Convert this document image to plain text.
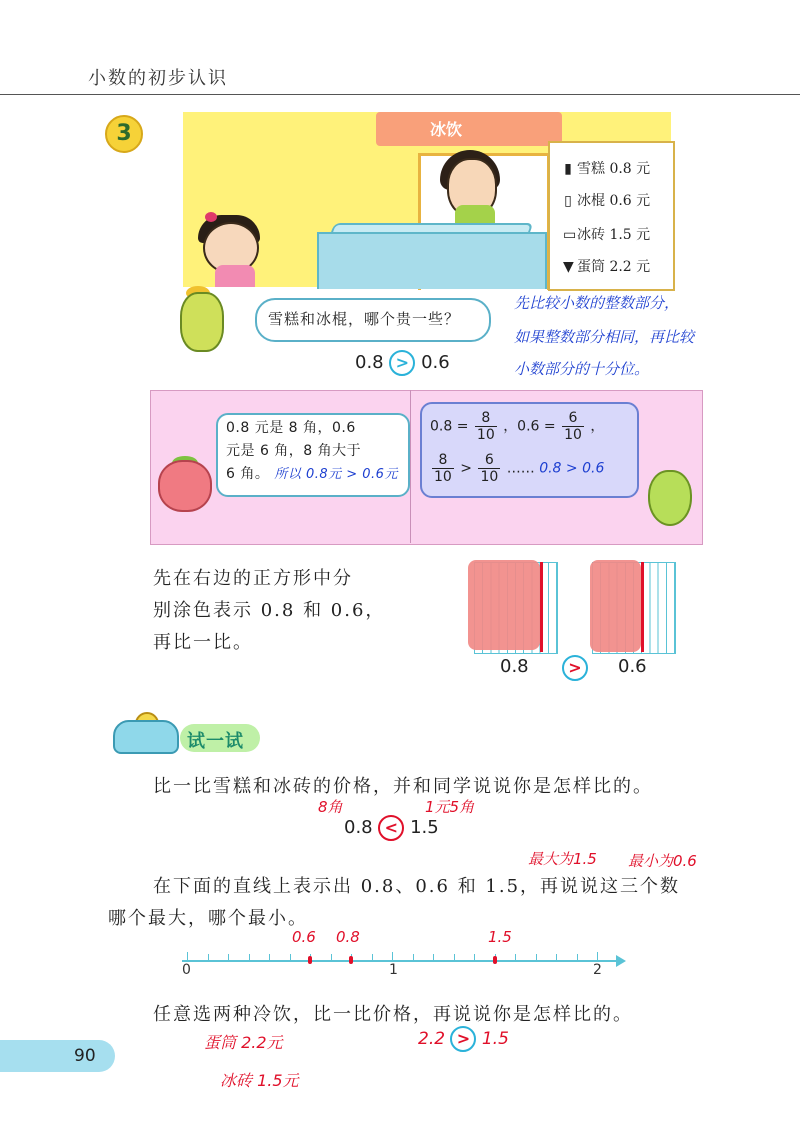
小数的初步认识
3	冰饮
▮ 雪糕 0.8 元
▯ 冰棍 0.6 元
▭冰砖 1.5 元
▼ 蛋筒 2.2 元
雪糕和冰棍，哪个贵一些？
0.8 > 0.6
先比较小数的整数部分，
如果整数部分相同，再比较
小数部分的十分位。

0.8 元是 8 角，0.6

元是 6 角，8 角大于

6 角。 所以 0.8元 > 0.6元

$0.8 = \frac{8}{10}$ ，$0.6 = \frac{6}{10}$ ，
$\frac{8}{10} > \frac{6}{10}$ …… 0.8 > 0.6
先在右边的正方形中分
别涂色表示 0.8 和 0.6，
再比一比。
0.8	>	0.6
试一试
比一比雪糕和冰砖的价格，并和同学说说你是怎样比的。
8角	1元5角
0.8 < 1.5
最大为1.5 最小为0.6
在下面的直线上表示出 0.8、0.6 和 1.5，再说说这三个数
哪个最大，哪个最小。
0	1	2
0.6 0.8	1.5
任意选两种冷饮，比一比价格，再说说你是怎样比的。
蛋筒 2.2元	2.2 > 1.5
冰砖 1.5元
90
